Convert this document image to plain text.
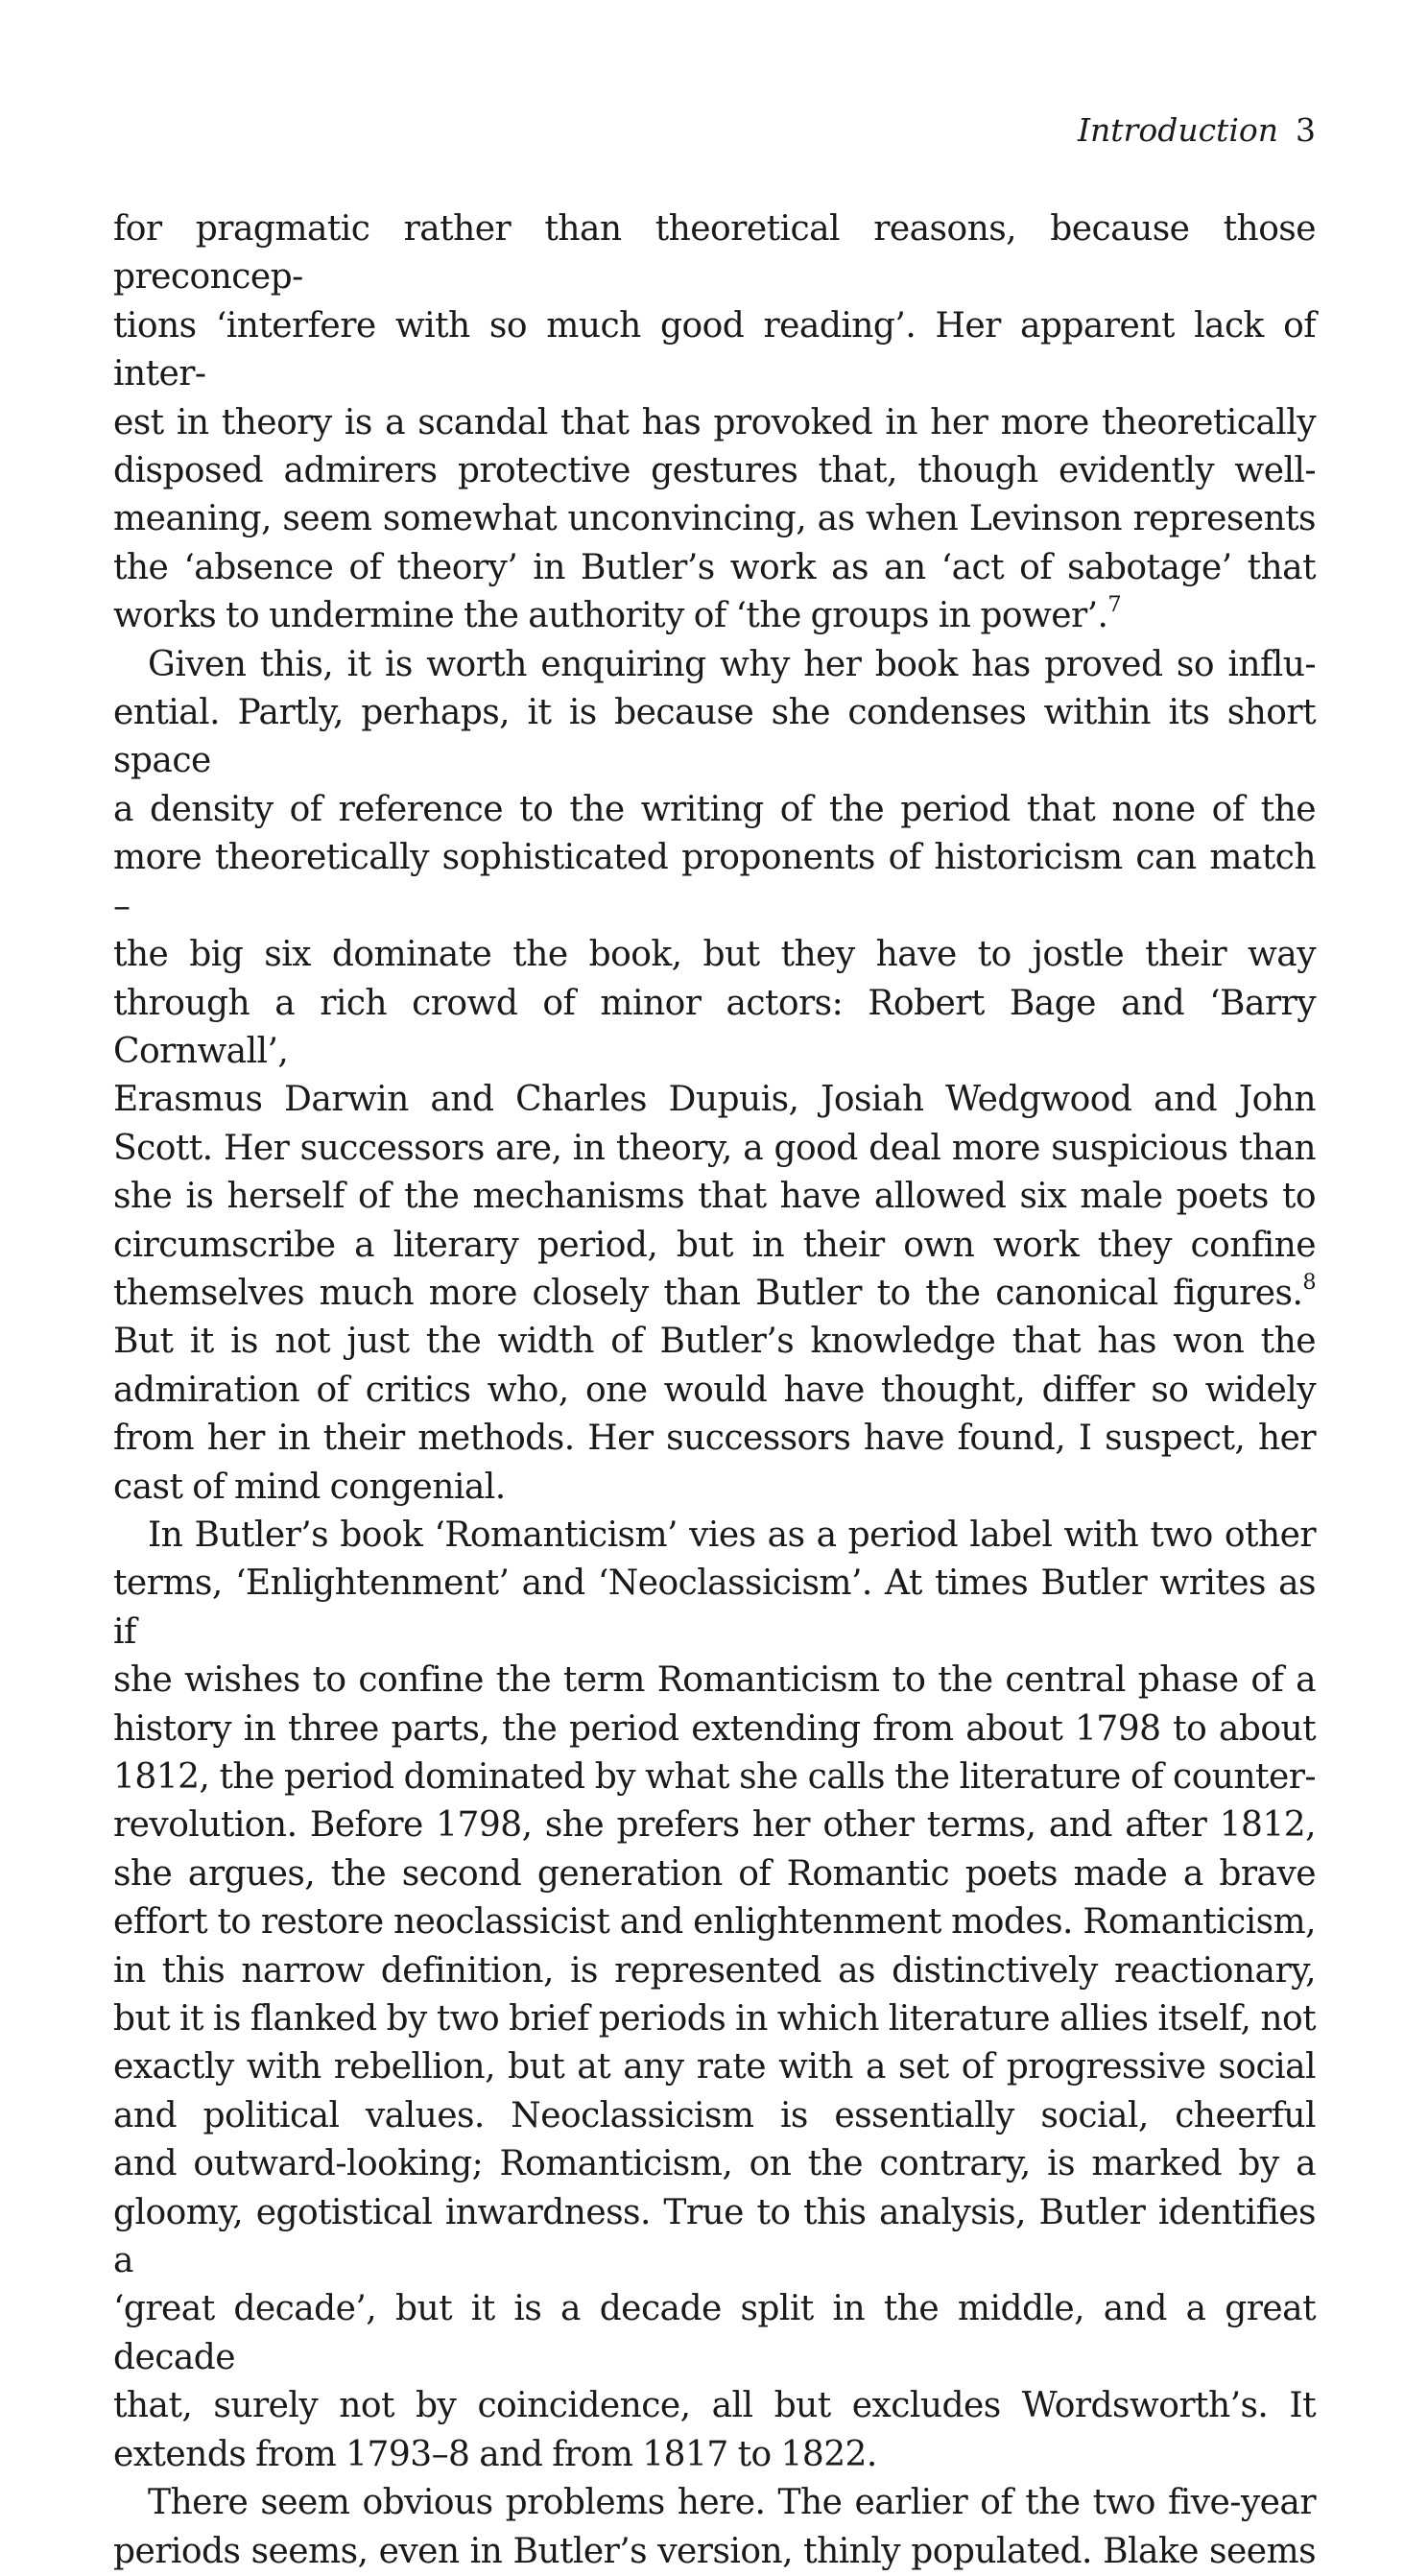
Introduction 3

for pragmatic rather than theoretical reasons, because those preconcep-
tions ‘interfere with so much good reading’. Her apparent lack of inter-
est in theory is a scandal that has provoked in her more theoretically
disposed admirers protective gestures that, though evidently well-
meaning, seem somewhat unconvincing, as when Levinson represents
the ‘absence of theory’ in Butler’s work as an ‘act of sabotage’ that
works to undermine the authority of ‘the groups in power’.$^7$

Given this, it is worth enquiring why her book has proved so influ-
ential. Partly, perhaps, it is because she condenses within its short space
a density of reference to the writing of the period that none of the
more theoretically sophisticated proponents of historicism can match –
the big six dominate the book, but they have to jostle their way
through a rich crowd of minor actors: Robert Bage and ‘Barry Cornwall’,
Erasmus Darwin and Charles Dupuis, Josiah Wedgwood and John
Scott. Her successors are, in theory, a good deal more suspicious than
she is herself of the mechanisms that have allowed six male poets to
circumscribe a literary period, but in their own work they confine
themselves much more closely than Butler to the canonical figures.$^8$
But it is not just the width of Butler’s knowledge that has won the
admiration of critics who, one would have thought, differ so widely
from her in their methods. Her successors have found, I suspect, her
cast of mind congenial.

In Butler’s book ‘Romanticism’ vies as a period label with two other
terms, ‘Enlightenment’ and ‘Neoclassicism’. At times Butler writes as if
she wishes to confine the term Romanticism to the central phase of a
history in three parts, the period extending from about 1798 to about
1812, the period dominated by what she calls the literature of counter-
revolution. Before 1798, she prefers her other terms, and after 1812,
she argues, the second generation of Romantic poets made a brave
effort to restore neoclassicist and enlightenment modes. Romanticism,
in this narrow definition, is represented as distinctively reactionary,
but it is flanked by two brief periods in which literature allies itself, not
exactly with rebellion, but at any rate with a set of progressive social
and political values. Neoclassicism is essentially social, cheerful
and outward-looking; Romanticism, on the contrary, is marked by a
gloomy, egotistical inwardness. True to this analysis, Butler identifies a
‘great decade’, but it is a decade split in the middle, and a great decade
that, surely not by coincidence, all but excludes Wordsworth’s. It
extends from 1793–8 and from 1817 to 1822.

There seem obvious problems here. The earlier of the two five-year
periods seems, even in Butler’s version, thinly populated. Blake seems
